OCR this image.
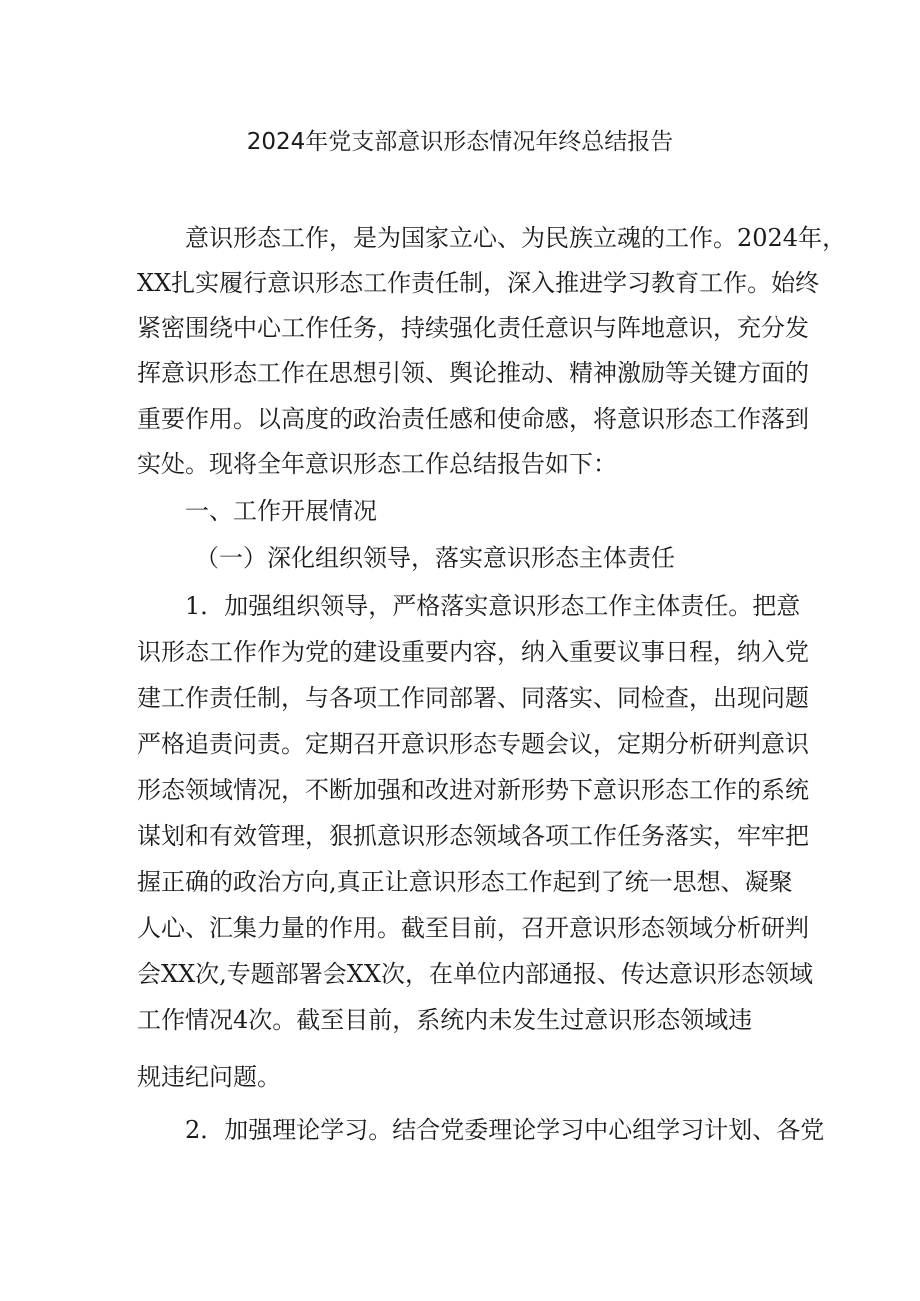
2024年党支部意识形态情况年终总结报告

意识形态工作，是为国家立心、为民族立魂的工作。2024年，

XX扎实履行意识形态工作责任制，深入推进学习教育工作。始终

紧密围绕中心工作任务，持续强化责任意识与阵地意识，充分发

挥意识形态工作在思想引领、舆论推动、精神激励等关键方面的

重要作用。以高度的政治责任感和使命感，将意识形态工作落到

实处。现将全年意识形态工作总结报告如下：

一、工作开展情况

（一）深化组织领导，落实意识形态主体责任

1．加强组织领导，严格落实意识形态工作主体责任。把意

识形态工作作为党的建设重要内容，纳入重要议事日程，纳入党

建工作责任制，与各项工作同部署、同落实、同检查，出现问题

严格追责问责。定期召开意识形态专题会议，定期分析研判意识

形态领域情况，不断加强和改进对新形势下意识形态工作的系统

谋划和有效管理，狠抓意识形态领域各项工作任务落实，牢牢把

握正确的政治方向,真正让意识形态工作起到了统一思想、凝聚

人心、汇集力量的作用。截至目前，召开意识形态领域分析研判

会XX次,专题部署会XX次，在单位内部通报、传达意识形态领域

工作情况4次。截至目前，系统内未发生过意识形态领域违

规违纪问题。

2．加强理论学习。结合党委理论学习中心组学习计划、各党
